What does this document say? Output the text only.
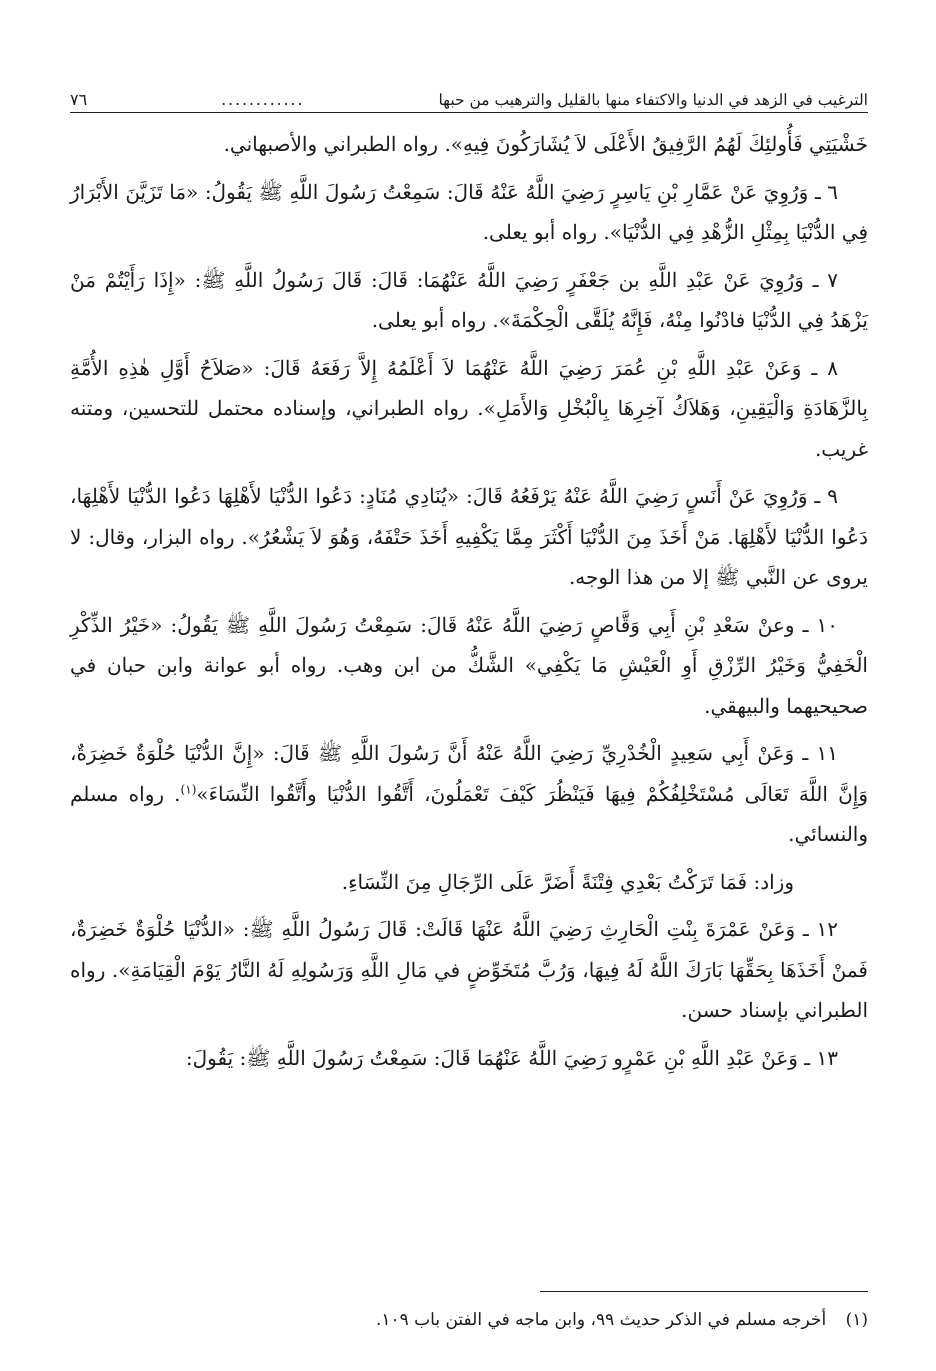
الترغيب في الزهد في الدنيا والاكتفاء منها بالقليل والترهيب من حبها
............
٧٦

خَشْيَتِي فَأُولئِكَ لَهُمُ الرَّفِيقُ الأَعْلَى لاَ يُشَارَكُونَ فِيهِ». رواه الطبراني والأصبهاني.

٦ ـ وَرُوِيَ عَنْ عَمَّارِ بْنِ يَاسِرٍ رَضِيَ اللَّهُ عَنْهُ قَالَ: سَمِعْتُ رَسُولَ اللَّهِ ﷺ يَقُولُ: «مَا تَزَيَّنَ الأَبْرَارُ فِي الدُّنْيَا بِمِثْلِ الزُّهْدِ فِي الدُّنْيَا». رواه أبو يعلى.

٧ ـ وَرُوِيَ عَنْ عَبْدِ اللَّهِ بن جَعْفَرٍ رَضِيَ اللَّهُ عَنْهُمَا: قَالَ: قَالَ رَسُولُ اللَّهِ ﷺ: «إِذَا رَأَيْتُمْ مَنْ يَزْهَدُ فِي الدُّنْيَا فادْنُوا مِنْهُ، فَإِنَّهُ يُلَقَّى الْحِكْمَةَ». رواه أبو يعلى.

٨ ـ وَعَنْ عَبْدِ اللَّهِ بْنِ عُمَرَ رَضِيَ اللَّهُ عَنْهُمَا لاَ أَعْلَمُهُ إِلاَّ رَفَعَهُ قَالَ: «صَلاَحُ أَوَّلِ هٰذِهِ الأُمَّةِ بِالزَّهَادَةِ وَالْيَقِينِ، وَهَلاَكُ آخِرِهَا بِالْبُخْلِ وَالأَمَلِ». رواه الطبراني، وإسناده محتمل للتحسين، ومتنه غريب.

٩ ـ وَرُوِيَ عَنْ أَنَسٍ رَضِيَ اللَّهُ عَنْهُ يَرْفَعُهُ قَالَ: «يُنَادِي مُنَادٍ: دَعُوا الدُّنْيَا لأَهْلِهَا دَعُوا الدُّنْيَا لأَهْلِهَا، دَعُوا الدُّنْيَا لأَهْلِهَا. مَنْ أَخَذَ مِنَ الدُّنْيَا أَكْثَرَ مِمَّا يَكْفِيهِ أَخَذَ حَتْفَهُ، وَهُوَ لاَ يَشْعُرُ». رواه البزار، وقال: لا يروى عن النَّبي ﷺ إلا من هذا الوجه.

١٠ ـ وعنْ سَعْدِ بْنِ أَبِي وَقَّاصٍ رَضِيَ اللَّهُ عَنْهُ قَالَ: سَمِعْتُ رَسُولَ اللَّهِ ﷺ يَقُولُ: «خَيْرُ الذِّكْرِ الْخَفِيُّ وَخَيْرُ الرِّزْقِ أَوِ الْعَيْشِ مَا يَكْفِي» الشَّكُّ من ابن وهب. رواه أبو عوانة وابن حبان في صحيحيهما والبيهقي.

١١ ـ وَعَنْ أَبِي سَعِيدٍ الْخُدْرِيِّ رَضِيَ اللَّهُ عَنْهُ أَنَّ رَسُولَ اللَّهِ ﷺ قَالَ: «إِنَّ الدُّنْيَا حُلْوَةٌ خَضِرَةٌ، وَإِنَّ اللَّهَ تَعَالَى مُسْتَخْلِفُكُمْ فِيهَا فَيَنْظُرَ كَيْفَ تَعْمَلُونَ، أَتَّقُوا الدُّنْيَا وأَتَّقُوا النِّسَاءَ»$^{(١)}$. رواه مسلم والنسائي.

وزاد: فَمَا تَرَكْتُ بَعْدِي فِتْنَةً أَضَرَّ عَلَى الرِّجَالِ مِنَ النِّسَاءِ.

١٢ ـ وَعَنْ عَمْرَةَ بِنْتِ الْحَارِثِ رَضِيَ اللَّهُ عَنْهَا قَالَتْ: قَالَ رَسُولُ اللَّهِ ﷺ: «الدُّنْيَا حُلْوَةٌ خَضِرَةٌ، فَمنْ أَخَذَهَا بِحَقِّهَا بَارَكَ اللَّهُ لَهُ فِيهَا، وَرُبَّ مُتَخَوِّضٍ في مَالِ اللَّهِ وَرَسُولِهِ لَهُ النَّارُ يَوْمَ الْقِيَامَةِ». رواه الطبراني بإسناد حسن.

١٣ ـ وَعَنْ عَبْدِ اللَّهِ بْنِ عَمْرٍو رَضِيَ اللَّهُ عَنْهُمَا قَالَ: سَمِعْتُ رَسُولَ اللَّهِ ﷺ: يَقُولَ:

(١) أخرجه مسلم في الذكر حديث ٩٩، وابن ماجه في الفتن باب ١٠٩.
